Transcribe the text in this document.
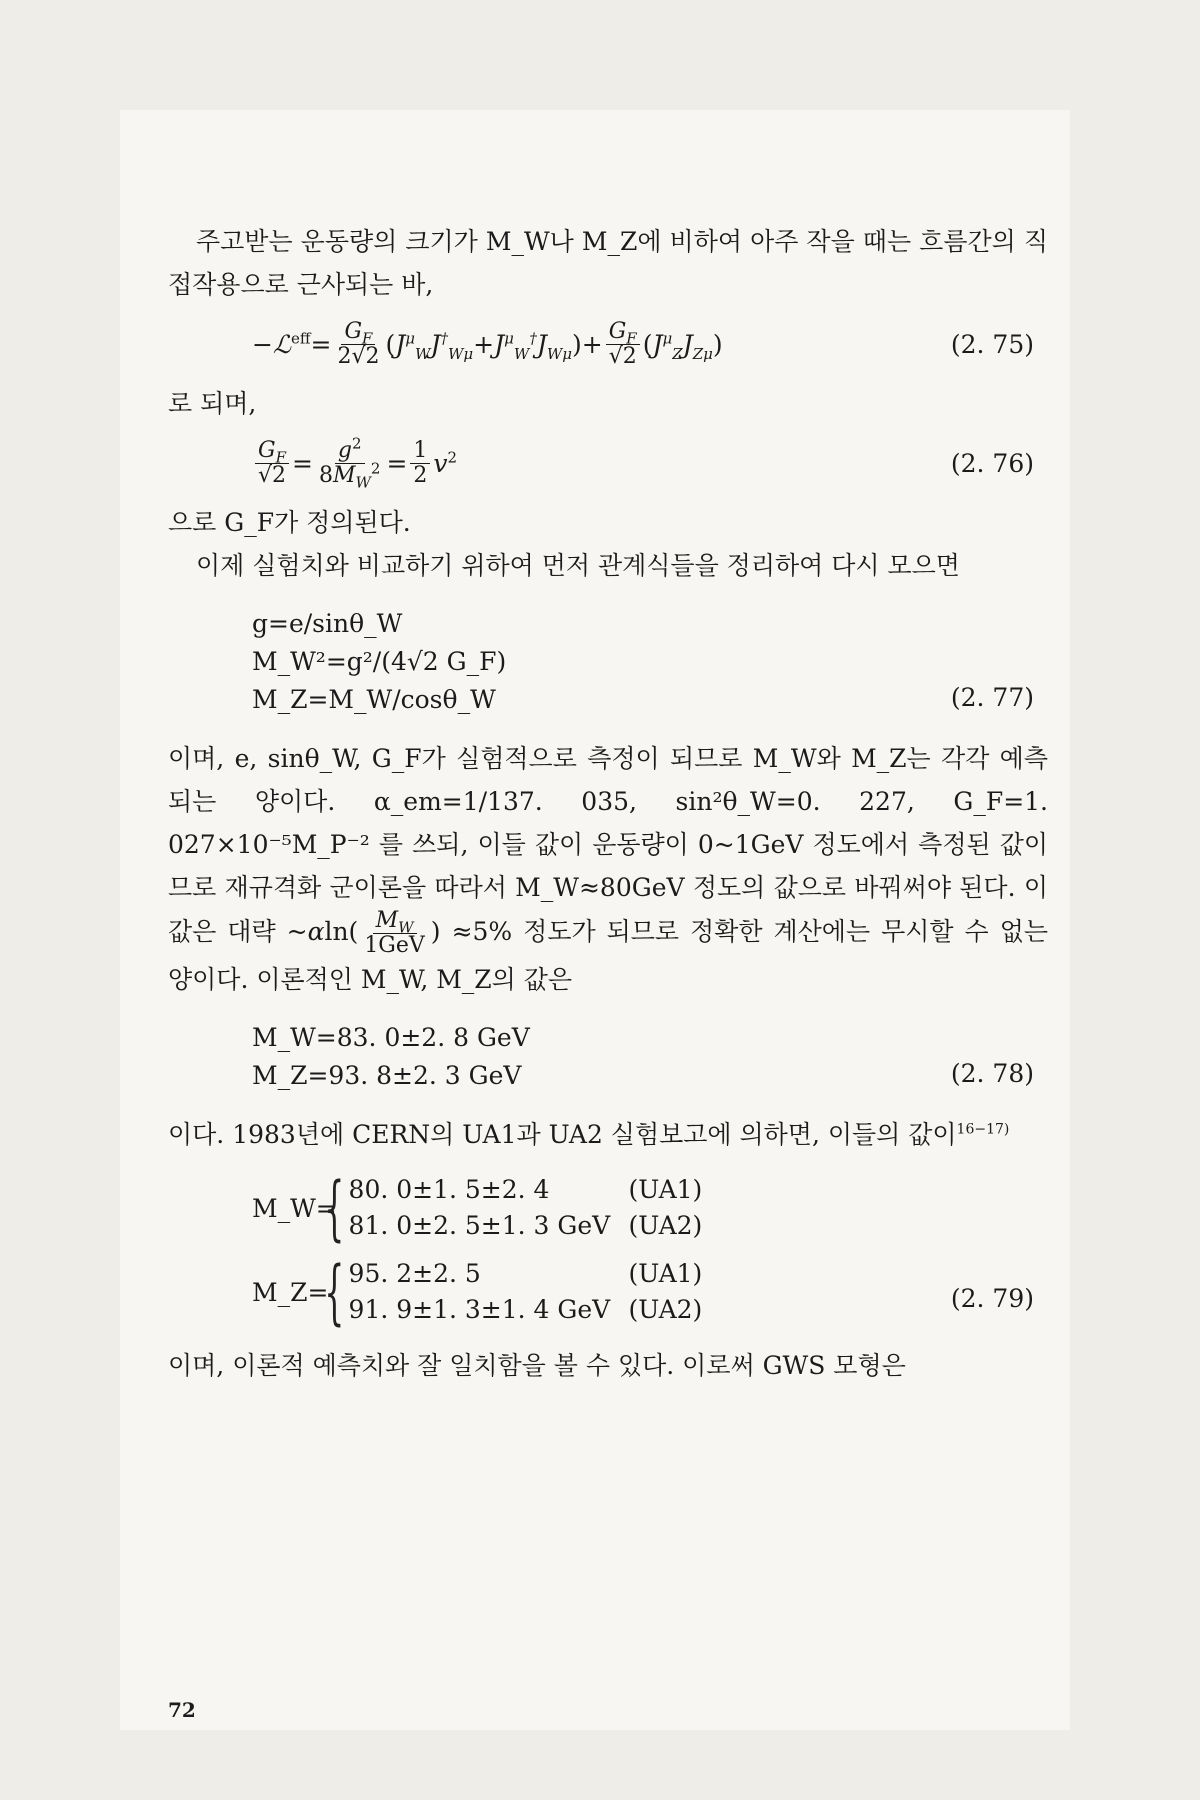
주고받는 운동량의 크기가 M_W나 M_Z에 비하여 아주 작을 때는 흐름간의 직접작용으로 근사되는 바,

−ℒ$^{eff}$= $\frac{G_F}{2√2} (J^\mu_WJ^\dagger_{W\mu}+J^\mu_W^\dagger J_{W\mu})+ \frac{G_F}{√2} (J^\mu_ZJ_{Z\mu})$	(2. 75)

로 되며,

$\frac{G_F}{√2} = \frac{g^2}{8M_W^2} = \frac{1}{2} v^2$	(2. 76)

으로 G_F가 정의된다.

이제 실험치와 비교하기 위하여 먼저 관계식들을 정리하여 다시 모으면

g=e/sinθ_W
M_W²=g²/(4√2 G_F)
M_Z=M_W/cosθ_W	(2. 77)

이며, e, sinθ_W, G_F가 실험적으로 측정이 되므로 M_W와 M_Z는 각각 예측되는 양이다. α_em=1/137. 035, sin²θ_W=0. 227, G_F=1. 027×10⁻⁵M_P⁻² 를 쓰되, 이들 값이 운동량이 0~1GeV 정도에서 측정된 값이므로 재규격화 군이론을 따라서 M_W≈80GeV 정도의 값으로 바꿔써야 된다. 이 값은 대략 ~αln( $\frac{M_W}{\text{1GeV}}$ ) ≈5% 정도가 되므로 정확한 계산에는 무시할 수 없는 양이다. 이론적인 M_W, M_Z의 값은

M_W=83. 0±2. 8 GeV
M_Z=93. 8±2. 3 GeV	(2. 78)

이다. 1983년에 CERN의 UA1과 UA2 실험보고에 의하면, 이들의 값이$^{16-17)}$

M_W=
{ 80. 0±1. 5±2. 4	(UA1)
81. 0±2. 5±1. 3 GeV (UA2)
M_Z=
{ 95. 2±2. 5	(UA1)
91. 9±1. 3±1. 4 GeV (UA2)	(2. 79)

이며, 이론적 예측치와 잘 일치함을 볼 수 있다. 이로써 GWS 모형은

72
